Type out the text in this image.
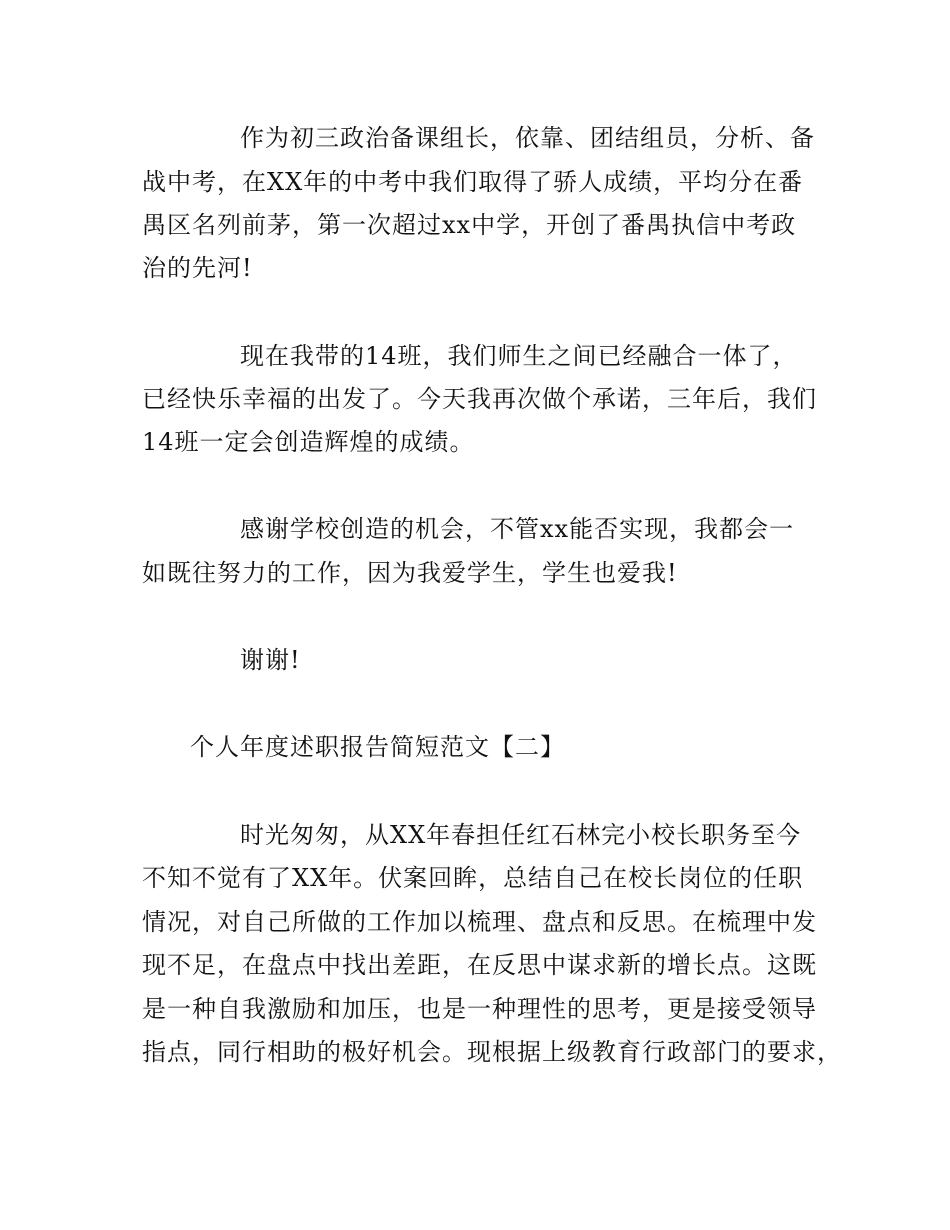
作为初三政治备课组长，依靠、团结组员，分析、备
战中考，在XX年的中考中我们取得了骄人成绩，平均分在番
禺区名列前茅，第一次超过xx中学，开创了番禺执信中考政
治的先河!
现在我带的14班，我们师生之间已经融合一体了，
已经快乐幸福的出发了。今天我再次做个承诺，三年后，我们
14班一定会创造辉煌的成绩。
感谢学校创造的机会，不管xx能否实现，我都会一
如既往努力的工作，因为我爱学生，学生也爱我!
谢谢!
个人年度述职报告简短范文【二】
时光匆匆，从XX年春担任红石林完小校长职务至今
不知不觉有了XX年。伏案回眸，总结自己在校长岗位的任职
情况，对自己所做的工作加以梳理、盘点和反思。在梳理中发
现不足，在盘点中找出差距，在反思中谋求新的增长点。这既
是一种自我激励和加压，也是一种理性的思考，更是接受领导
指点，同行相助的极好机会。现根据上级教育行政部门的要求，
